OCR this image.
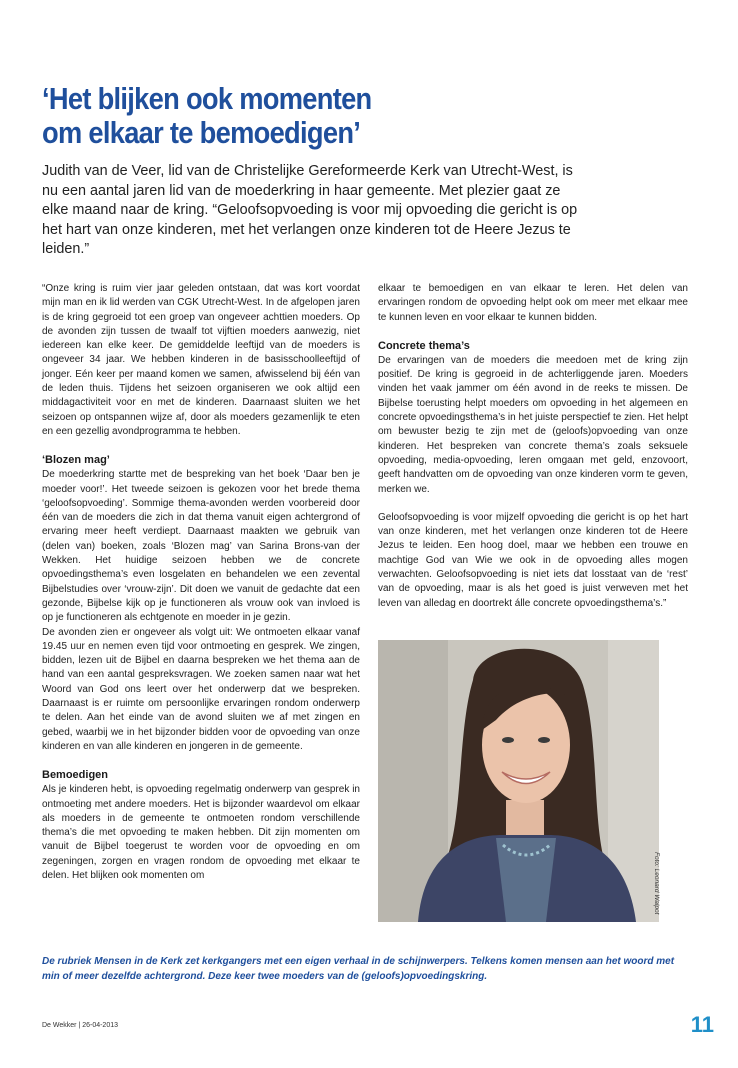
‘Het blijken ook momenten
om elkaar te bemoedigen’

Judith van de Veer, lid van de Christelijke Gereformeerde Kerk van Utrecht-West, is nu een aantal jaren lid van de moederkring in haar gemeente. Met plezier gaat ze elke maand naar de kring. “Geloofsopvoeding is voor mij opvoeding die gericht is op het hart van onze kinderen, met het verlangen onze kinderen tot de Heere Jezus te leiden.”

“Onze kring is ruim vier jaar geleden ontstaan, dat was kort voordat mijn man en ik lid werden van CGK Utrecht-West. In de afgelopen jaren is de kring gegroeid tot een groep van ongeveer achttien moeders. Op de avonden zijn tussen de twaalf tot vijftien moeders aanwezig, niet iedereen kan elke keer. De gemiddelde leeftijd van de moeders is ongeveer 34 jaar. We hebben kinderen in de basisschoolleeftijd of jonger. Eén keer per maand komen we samen, afwisselend bij één van de leden thuis. Tijdens het seizoen organiseren we ook altijd een middagactiviteit voor en met de kinderen. Daarnaast sluiten we het seizoen op ontspannen wijze af, door als moeders gezamenlijk te eten en een gezellig avondprogramma te hebben.

‘Blozen mag’

De moederkring startte met de bespreking van het boek ‘Daar ben je moeder voor!’. Het tweede seizoen is gekozen voor het brede thema ‘geloofsopvoeding’. Sommige thema-avonden werden voorbereid door één van de moeders die zich in dat thema vanuit eigen achtergrond of ervaring meer heeft verdiept. Daarnaast maakten we gebruik van (delen van) boeken, zoals ‘Blozen mag’ van Sarina Brons-van der Wekken. Het huidige seizoen hebben we de concrete opvoedingsthema’s even losgelaten en behandelen we een zevental Bijbelstudies over ‘vrouw-zijn’. Dit doen we vanuit de gedachte dat een gezonde, Bijbelse kijk op je functioneren als vrouw ook van invloed is op je functioneren als echtgenote en moeder in je gezin.

De avonden zien er ongeveer als volgt uit: We ontmoeten elkaar vanaf 19.45 uur en nemen even tijd voor ontmoeting en gesprek. We zingen, bidden, lezen uit de Bijbel en daarna bespreken we het thema aan de hand van een aantal gespreksvragen. We zoeken samen naar wat het Woord van God ons leert over het onderwerp dat we bespreken. Daarnaast is er ruimte om persoonlijke ervaringen rondom onderwerp te delen. Aan het einde van de avond sluiten we af met zingen en gebed, waarbij we in het bijzonder bidden voor de opvoeding van onze kinderen en van alle kinderen en jongeren in de gemeente.

Bemoedigen

Als je kinderen hebt, is opvoeding regelmatig onderwerp van gesprek in ontmoeting met andere moeders. Het is bijzonder waardevol om elkaar als moeders in de gemeente te ontmoeten rondom verschillende thema’s die met opvoeding te maken hebben. Dit zijn momenten om vanuit de Bijbel toegerust te worden voor de opvoeding en om zegeningen, zorgen en vragen rondom de opvoeding met elkaar te delen. Het blijken ook momenten om

elkaar te bemoedigen en van elkaar te leren. Het delen van ervaringen rondom de opvoeding helpt ook om meer met elkaar mee te kunnen leven en voor elkaar te kunnen bidden.

Concrete thema’s

De ervaringen van de moeders die meedoen met de kring zijn positief. De kring is gegroeid in de achterliggende jaren. Moeders vinden het vaak jammer om één avond in de reeks te missen. De Bijbelse toerusting helpt moeders om opvoeding in het algemeen en concrete opvoedingsthema’s in het juiste perspectief te zien. Het helpt om bewuster bezig te zijn met de (geloofs)opvoeding van onze kinderen. Het bespreken van concrete thema’s zoals seksuele opvoeding, media-opvoeding, leren omgaan met geld, enzovoort, geeft handvatten om de opvoeding van onze kinderen vorm te geven, merken we.

Geloofsopvoeding is voor mijzelf opvoeding die gericht is op het hart van onze kinderen, met het verlangen onze kinderen tot de Heere Jezus te leiden. Een hoog doel, maar we hebben een trouwe en machtige God van Wie we ook in de opvoeding alles mogen verwachten. Geloofsopvoeding is niet iets dat losstaat van de ‘rest’ van de opvoeding, maar is als het goed is juist verweven met het leven van alledag en doortrekt álle concrete opvoedingsthema’s.”

Foto: Leonard Walpot

De rubriek Mensen in de Kerk zet kerkgangers met een eigen verhaal in de schijnwerpers. Telkens komen mensen aan het woord met min of meer dezelfde achtergrond. Deze keer twee moeders van de (geloofs)opvoedingskring.

De Wekker | 26-04-2013	11
